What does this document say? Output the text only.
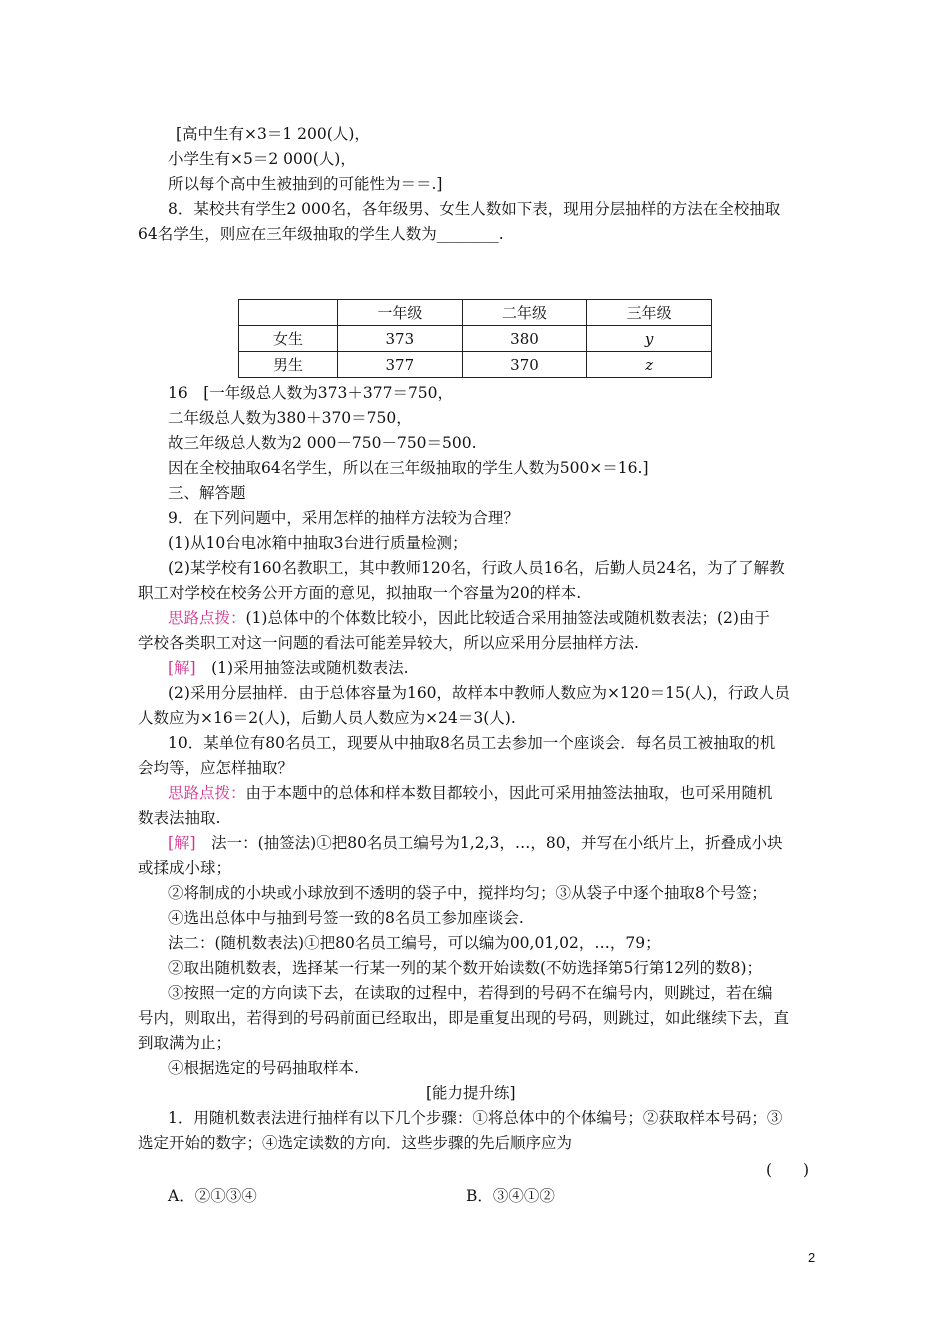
[高中生有×3＝1 200(人)，
小学生有×5＝2 000(人)，
所以每个高中生被抽到的可能性为＝＝.]
8．某校共有学生2 000名，各年级男、女生人数如下表，现用分层抽样的方法在全校抽取
64名学生，则应在三年级抽取的学生人数为________.
	一年级	二年级	三年级
女生	373	380	y
男生	377	370	z
16　[一年级总人数为373＋377＝750，
二年级总人数为380＋370＝750，
故三年级总人数为2 000－750－750＝500.
因在全校抽取64名学生，所以在三年级抽取的学生人数为500×＝16.]
三、解答题
9．在下列问题中，采用怎样的抽样方法较为合理？
(1)从10台电冰箱中抽取3台进行质量检测；
(2)某学校有160名教职工，其中教师120名，行政人员16名，后勤人员24名，为了了解教
职工对学校在校务公开方面的意见，拟抽取一个容量为20的样本.
思路点拨：(1)总体中的个体数比较小，因此比较适合采用抽签法或随机数表法；(2)由于
学校各类职工对这一问题的看法可能差异较大，所以应采用分层抽样方法.
[解]　(1)采用抽签法或随机数表法.
(2)采用分层抽样．由于总体容量为160，故样本中教师人数应为×120＝15(人)，行政人员
人数应为×16＝2(人)，后勤人员人数应为×24＝3(人).
10．某单位有80名员工，现要从中抽取8名员工去参加一个座谈会．每名员工被抽取的机
会均等，应怎样抽取？
思路点拨：由于本题中的总体和样本数目都较小，因此可采用抽签法抽取，也可采用随机
数表法抽取.
[解]　法一：(抽签法)①把80名员工编号为1,2,3，…，80，并写在小纸片上，折叠成小块
或揉成小球；
②将制成的小块或小球放到不透明的袋子中，搅拌均匀；③从袋子中逐个抽取8个号签；
④选出总体中与抽到号签一致的8名员工参加座谈会.
法二：(随机数表法)①把80名员工编号，可以编为00,01,02，…，79；
②取出随机数表，选择某一行某一列的某个数开始读数(不妨选择第5行第12列的数8)；
③按照一定的方向读下去，在读取的过程中，若得到的号码不在编号内，则跳过，若在编
号内，则取出，若得到的号码前面已经取出，即是重复出现的号码，则跳过，如此继续下去，直
到取满为止；
④根据选定的号码抽取样本.
[能力提升练]
1．用随机数表法进行抽样有以下几个步骤：①将总体中的个体编号；②获取样本号码；③
选定开始的数字；④选定读数的方向．这些步骤的先后顺序应为
(　　)
A．②①③④	B．③④①②
2
